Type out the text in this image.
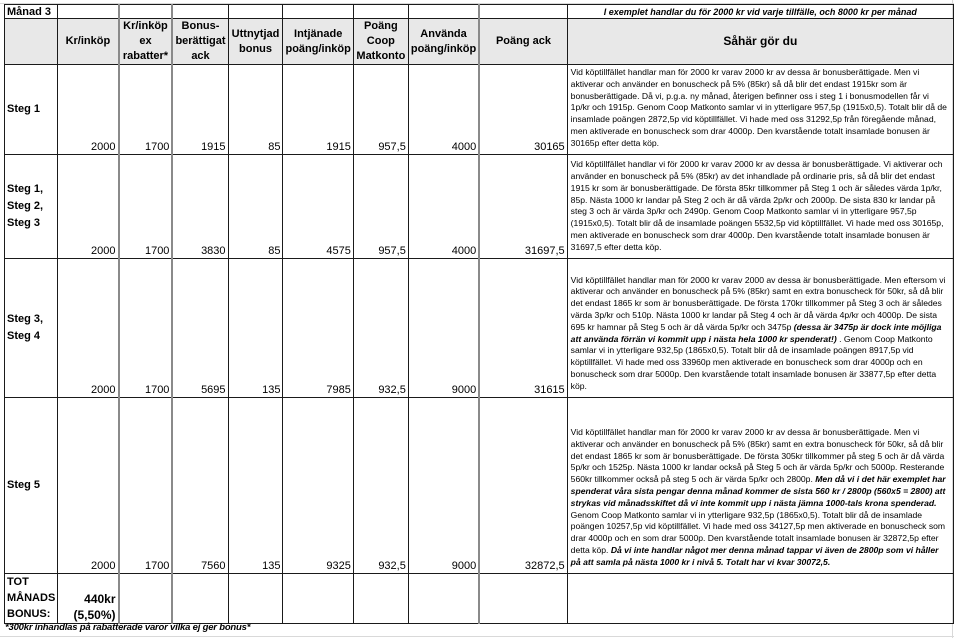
Månad 3									I exemplet handlar du för 2000 kr vid varje tillfälle, och 8000 kr per månad
	Kr/inköp	Kr/inköp ex rabatter*	Bonus-berättigat ack	Uttnytjad bonus	Intjänade poäng/inköp	Poäng Coop Matkonto	Använda poäng/inköp	Poäng ack	Såhär gör du
Steg 1	2000	1700	1915	85	1915	957,5	4000	30165	Vid köptillfället handlar man för 2000 kr varav 2000 kr av dessa är bonusberättigade. Men vi aktiverar och använder en bonuscheck på 5% (85kr) så då blir det endast 1915kr som är bonusberättigade. Då vi, p.g.a. ny månad, återigen befinner oss i steg 1 i bonusmodellen får vi 1p/kr och 1915p. Genom Coop Matkonto samlar vi in ytterligare 957,5p (1915x0,5). Totalt blir då de insamlade poängen 2872,5p vid köptillfället. Vi hade med oss 31292,5p från föregående månad, men aktiverade en bonuscheck som drar 4000p. Den kvarstående totalt insamlade bonusen är 30165p efter detta köp.
Steg 1,
Steg 2,
Steg 3	2000	1700	3830	85	4575	957,5	4000	31697,5	Vid köptillfället handlar vi för 2000 kr varav 2000 kr av dessa är bonusberättigade. Vi aktiverar och använder en bonuscheck på 5% (85kr) av det inhandlade på ordinarie pris, så då blir det endast 1915 kr som är bonusberättigade. De första 85kr tillkommer på Steg 1 och är således värda 1p/kr, 85p. Nästa 1000 kr landar på Steg 2 och är då värda 2p/kr och 2000p. De sista 830 kr landar på steg 3 och är värda 3p/kr och 2490p. Genom Coop Matkonto samlar vi in ytterligare 957,5p (1915x0,5). Totalt blir då de insamlade poängen 5532,5p vid köptillfället. Vi hade med oss 30165p, men aktiverade en bonuscheck som drar 4000p. Den kvarstående totalt insamlade bonusen är 31697,5 efter detta köp.
Steg 3,
Steg 4	2000	1700	5695	135	7985	932,5	9000	31615	Vid köptillfället handlar man för 2000 kr varav 2000 av dessa är bonusberättigade. Men eftersom vi aktiverar och använder en bonuscheck på 5% (85kr) samt en extra bonuscheck för 50kr, så då blir det endast 1865 kr som är bonusberättigade. De första 170kr tillkommer på Steg 3 och är således värda 3p/kr och 510p. Nästa 1000 kr landar på Steg 4 och är då värda 4p/kr och 4000p. De sista 695 kr hamnar på Steg 5 och är då värda 5p/kr och 3475p (dessa är 3475p är dock inte möjliga att använda förrän vi kommit upp i nästa hela 1000 kr spenderat!) . Genom Coop Matkonto samlar vi in ytterligare 932,5p (1865x0,5). Totalt blir då de insamlade poängen 8917,5p vid köptillfället. Vi hade med oss 33960p men aktiverade en bonuscheck som drar 4000p och en bonuscheck som drar 5000p. Den kvarstående totalt insamlade bonusen är 33877,5p efter detta köp.
Steg 5	2000	1700	7560	135	9325	932,5	9000	32872,5	Vid köptillfället handlar man för 2000 kr varav 2000 kr av dessa är bonusberättigade. Men vi aktiverar och använder en bonuscheck på 5% (85kr) samt en extra bonuscheck för 50kr, så då blir det endast 1865 kr som är bonusberättigade. De första 305kr tillkommer på steg 5 och är då värda 5p/kr och 1525p. Nästa 1000 kr landar också på Steg 5 och är värda 5p/kr och 5000p. Resterande 560kr tillkommer också på steg 5 och är värda 5p/kr och 2800p. Men då vi i det här exemplet har spenderat våra sista pengar denna månad kommer de sista 560 kr / 2800p (560x5 = 2800) att strykas vid månadsskiftet då vi inte kommit upp i nästa jämna 1000-tals krona spenderad. Genom Coop Matkonto samlar vi in ytterligare 932,5p (1865x0,5). Totalt blir då de insamlade poängen 10257,5p vid köptillfället. Vi hade med oss 34127,5p men aktiverade en bonuscheck som drar 4000p och en som drar 5000p. Den kvarstående totalt insamlade bonusen är 32872,5p efter detta köp. Då vi inte handlar något mer denna månad tappar vi även de 2800p som vi håller på att samla på nästa 1000 kr i nivå 5. Totalt har vi kvar 30072,5.
TOT
MÅNADS
BONUS:	440kr
(5,50%)								
*300kr inhandlas på rabatterade varor vilka ej ger bonus*
